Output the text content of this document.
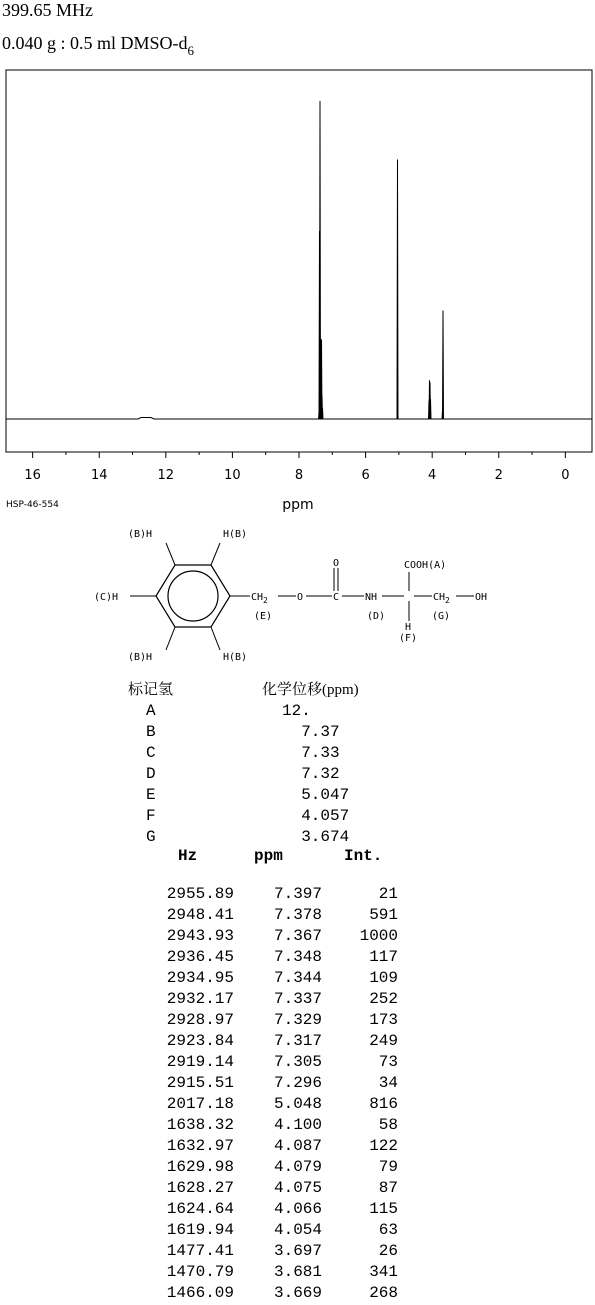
399.65 MHz
0.040 g : 0.5 ml DMSO-$d_6$
16	14	12	10	8	6	4	2	0
ppm
HSP-46-554
(B)H	H(B)
(B)H	H(B)
(C)H	$CH_2$	O	C
O
NH
COOH(A)
$CH_2$	OH
(E)	(D)	(G)
H
(F)
标记氢	化学位移(ppm)
A	12.
B	7.37
C	7.33
D	7.32
E	5.047
F	4.057
G	3.674
Hz	ppm	Int.
2955.89 7.397	21
2948.41 7.378	591
2943.93 7.367 1000
2936.45 7.348	117
2934.95 7.344	109
2932.17 7.337	252
2928.97 7.329	173
2923.84 7.317	249
2919.14 7.305	73
2915.51 7.296	34
2017.18 5.048	816
1638.32 4.100	58
1632.97 4.087	122
1629.98 4.079	79
1628.27 4.075	87
1624.64 4.066	115
1619.94 4.054	63
1477.41 3.697	26
1470.79 3.681	341
1466.09 3.669	268
